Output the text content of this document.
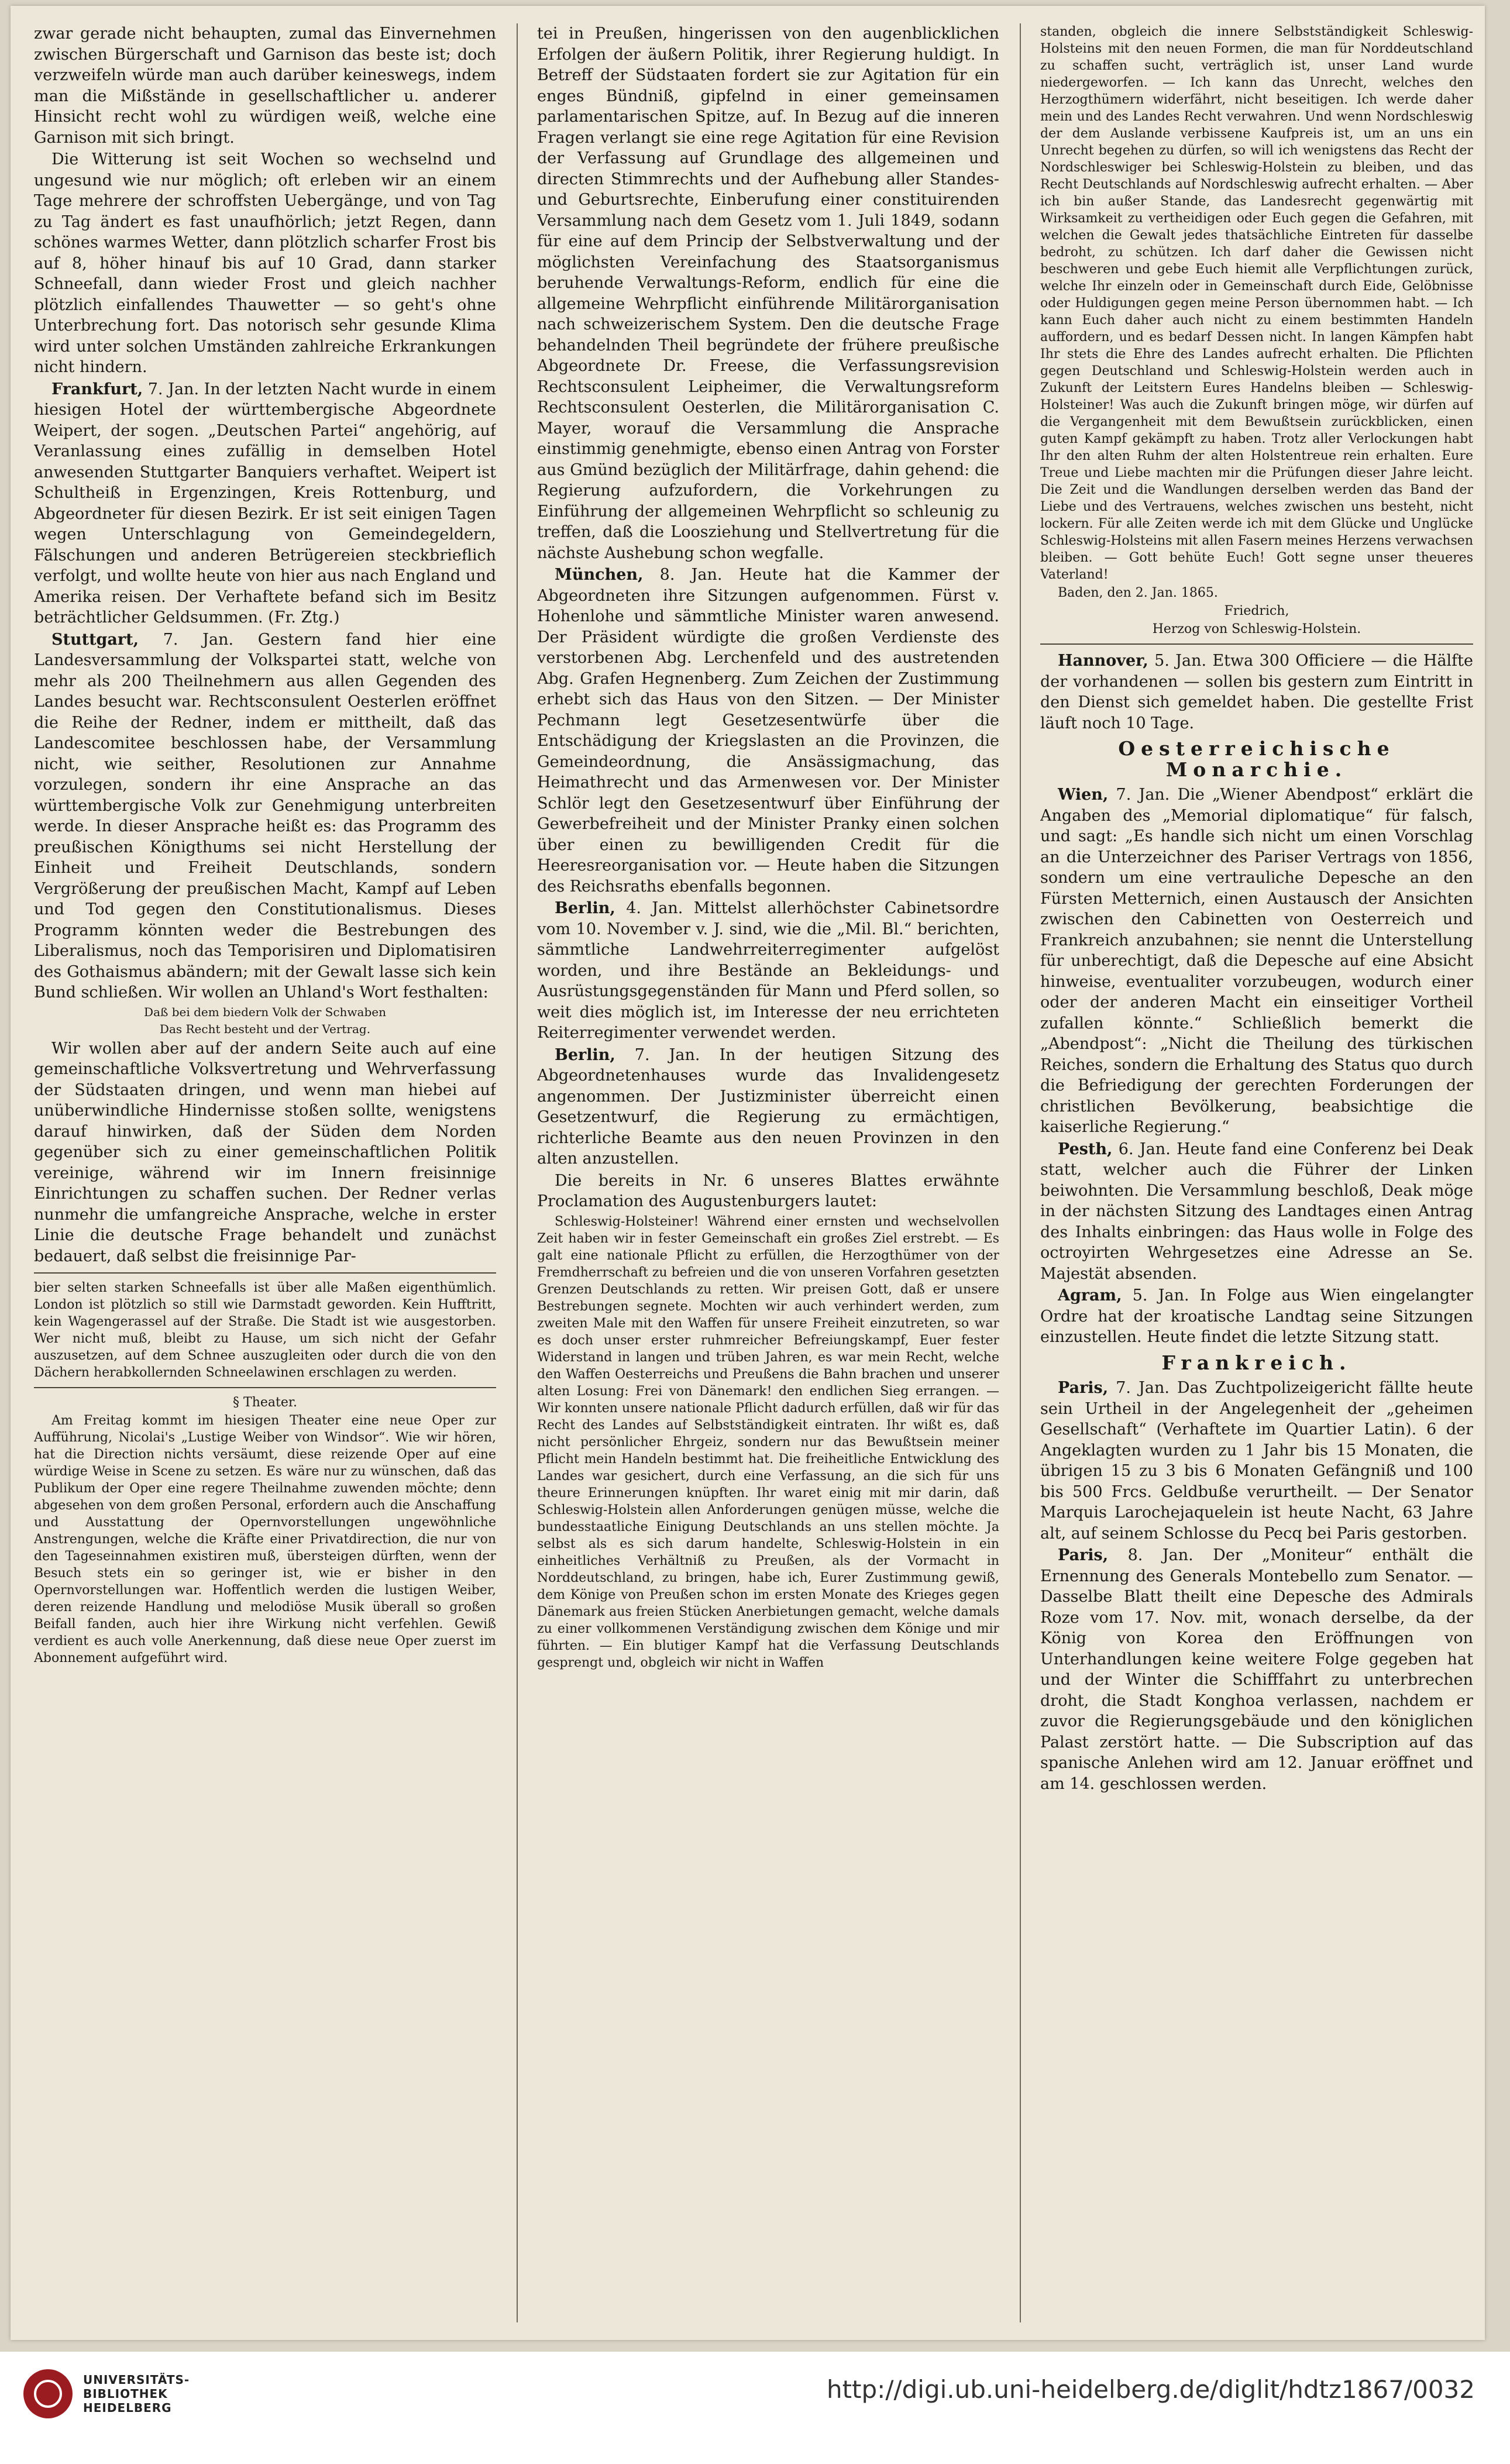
zwar gerade nicht behaupten, zumal das Einvernehmen zwischen Bürgerschaft und Garnison das beste ist; doch verzweifeln würde man auch darüber keineswegs, indem man die Mißstände in gesellschaftlicher u. anderer Hinsicht recht wohl zu würdigen weiß, welche eine Garnison mit sich bringt.

Die Witterung ist seit Wochen so wechselnd und ungesund wie nur möglich; oft erleben wir an einem Tage mehrere der schroffsten Uebergänge, und von Tag zu Tag ändert es fast unaufhörlich; jetzt Regen, dann schönes warmes Wetter, dann plötzlich scharfer Frost bis auf 8, höher hinauf bis auf 10 Grad, dann starker Schneefall, dann wieder Frost und gleich nachher plötzlich einfallendes Thauwetter — so geht's ohne Unterbrechung fort. Das notorisch sehr gesunde Klima wird unter solchen Umständen zahlreiche Erkrankungen nicht hindern.

Frankfurt, 7. Jan. In der letzten Nacht wurde in einem hiesigen Hotel der württembergische Abgeordnete Weipert, der sogen. „Deutschen Partei“ angehörig, auf Veranlassung eines zufällig in demselben Hotel anwesenden Stuttgarter Banquiers verhaftet. Weipert ist Schultheiß in Ergenzingen, Kreis Rottenburg, und Abgeordneter für diesen Bezirk. Er ist seit einigen Tagen wegen Unterschlagung von Gemeindegeldern, Fälschungen und anderen Betrügereien steckbrieflich verfolgt, und wollte heute von hier aus nach England und Amerika reisen. Der Verhaftete befand sich im Besitz beträchtlicher Geldsummen. (Fr. Ztg.)

Stuttgart, 7. Jan. Gestern fand hier eine Landesversammlung der Volkspartei statt, welche von mehr als 200 Theilnehmern aus allen Gegenden des Landes besucht war. Rechtsconsulent Oesterlen eröffnet die Reihe der Redner, indem er mittheilt, daß das Landescomitee beschlossen habe, der Versammlung nicht, wie seither, Resolutionen zur Annahme vorzulegen, sondern ihr eine Ansprache an das württembergische Volk zur Genehmigung unterbreiten werde. In dieser Ansprache heißt es: das Programm des preußischen Königthums sei nicht Herstellung der Einheit und Freiheit Deutschlands, sondern Vergrößerung der preußischen Macht, Kampf auf Leben und Tod gegen den Constitutionalismus. Dieses Programm könnten weder die Bestrebungen des Liberalismus, noch das Temporisiren und Diplomatisiren des Gothaismus abändern; mit der Gewalt lasse sich kein Bund schließen. Wir wollen an Uhland's Wort festhalten:

Daß bei dem biedern Volk der Schwaben

Das Recht besteht und der Vertrag.

Wir wollen aber auf der andern Seite auch auf eine gemeinschaftliche Volksvertretung und Wehrverfassung der Südstaaten dringen, und wenn man hiebei auf unüberwindliche Hindernisse stoßen sollte, wenigstens darauf hinwirken, daß der Süden dem Norden gegenüber sich zu einer gemeinschaftlichen Politik vereinige, während wir im Innern freisinnige Einrichtungen zu schaffen suchen. Der Redner verlas nunmehr die umfangreiche Ansprache, welche in erster Linie die deutsche Frage behandelt und zunächst bedauert, daß selbst die freisinnige Par-

bier selten starken Schneefalls ist über alle Maßen eigenthümlich. London ist plötzlich so still wie Darmstadt geworden. Kein Hufftritt, kein Wagengerassel auf der Straße. Die Stadt ist wie ausgestorben. Wer nicht muß, bleibt zu Hause, um sich nicht der Gefahr auszusetzen, auf dem Schnee auszugleiten oder durch die von den Dächern herabkollernden Schneelawinen erschlagen zu werden.

§ Theater.

Am Freitag kommt im hiesigen Theater eine neue Oper zur Aufführung, Nicolai's „Lustige Weiber von Windsor“. Wie wir hören, hat die Direction nichts versäumt, diese reizende Oper auf eine würdige Weise in Scene zu setzen. Es wäre nur zu wünschen, daß das Publikum der Oper eine regere Theilnahme zuwenden möchte; denn abgesehen von dem großen Personal, erfordern auch die Anschaffung und Ausstattung der Opernvorstellungen ungewöhnliche Anstrengungen, welche die Kräfte einer Privatdirection, die nur von den Tageseinnahmen existiren muß, übersteigen dürften, wenn der Besuch stets ein so geringer ist, wie er bisher in den Opernvorstellungen war. Hoffentlich werden die lustigen Weiber, deren reizende Handlung und melodiöse Musik überall so großen Beifall fanden, auch hier ihre Wirkung nicht verfehlen. Gewiß verdient es auch volle Anerkennung, daß diese neue Oper zuerst im Abonnement aufgeführt wird.

tei in Preußen, hingerissen von den augenblicklichen Erfolgen der äußern Politik, ihrer Regierung huldigt. In Betreff der Südstaaten fordert sie zur Agitation für ein enges Bündniß, gipfelnd in einer gemeinsamen parlamentarischen Spitze, auf. In Bezug auf die inneren Fragen verlangt sie eine rege Agitation für eine Revision der Verfassung auf Grundlage des allgemeinen und directen Stimmrechts und der Aufhebung aller Standes- und Geburtsrechte, Einberufung einer constituirenden Versammlung nach dem Gesetz vom 1. Juli 1849, sodann für eine auf dem Princip der Selbstverwaltung und der möglichsten Vereinfachung des Staatsorganismus beruhende Verwaltungs-Reform, endlich für eine die allgemeine Wehrpflicht einführende Militärorganisation nach schweizerischem System. Den die deutsche Frage behandelnden Theil begründete der frühere preußische Abgeordnete Dr. Freese, die Verfassungsrevision Rechtsconsulent Leipheimer, die Verwaltungsreform Rechtsconsulent Oesterlen, die Militärorganisation C. Mayer, worauf die Versammlung die Ansprache einstimmig genehmigte, ebenso einen Antrag von Forster aus Gmünd bezüglich der Militärfrage, dahin gehend: die Regierung aufzufordern, die Vorkehrungen zu Einführung der allgemeinen Wehrpflicht so schleunig zu treffen, daß die Loosziehung und Stellvertretung für die nächste Aushebung schon wegfalle.

München, 8. Jan. Heute hat die Kammer der Abgeordneten ihre Sitzungen aufgenommen. Fürst v. Hohenlohe und sämmtliche Minister waren anwesend. Der Präsident würdigte die großen Verdienste des verstorbenen Abg. Lerchenfeld und des austretenden Abg. Grafen Hegnenberg. Zum Zeichen der Zustimmung erhebt sich das Haus von den Sitzen. — Der Minister Pechmann legt Gesetzesentwürfe über die Entschädigung der Kriegslasten an die Provinzen, die Gemeindeordnung, die Ansässigmachung, das Heimathrecht und das Armenwesen vor. Der Minister Schlör legt den Gesetzesentwurf über Einführung der Gewerbefreiheit und der Minister Pranky einen solchen über einen zu bewilligenden Credit für die Heeresreorganisation vor. — Heute haben die Sitzungen des Reichsraths ebenfalls begonnen.

Berlin, 4. Jan. Mittelst allerhöchster Cabinetsordre vom 10. November v. J. sind, wie die „Mil. Bl.“ berichten, sämmtliche Landwehrreiterregimenter aufgelöst worden, und ihre Bestände an Bekleidungs- und Ausrüstungsgegenständen für Mann und Pferd sollen, so weit dies möglich ist, im Interesse der neu errichteten Reiterregimenter verwendet werden.

Berlin, 7. Jan. In der heutigen Sitzung des Abgeordnetenhauses wurde das Invalidengesetz angenommen. Der Justizminister überreicht einen Gesetzentwurf, die Regierung zu ermächtigen, richterliche Beamte aus den neuen Provinzen in den alten anzustellen.

Die bereits in Nr. 6 unseres Blattes erwähnte Proclamation des Augustenburgers lautet:

Schleswig-Holsteiner! Während einer ernsten und wechselvollen Zeit haben wir in fester Gemeinschaft ein großes Ziel erstrebt. — Es galt eine nationale Pflicht zu erfüllen, die Herzogthümer von der Fremdherrschaft zu befreien und die von unseren Vorfahren gesetzten Grenzen Deutschlands zu retten. Wir preisen Gott, daß er unsere Bestrebungen segnete. Mochten wir auch verhindert werden, zum zweiten Male mit den Waffen für unsere Freiheit einzutreten, so war es doch unser erster ruhmreicher Befreiungskampf, Euer fester Widerstand in langen und trüben Jahren, es war mein Recht, welche den Waffen Oesterreichs und Preußens die Bahn brachen und unserer alten Losung: Frei von Dänemark! den endlichen Sieg errangen. — Wir konnten unsere nationale Pflicht dadurch erfüllen, daß wir für das Recht des Landes auf Selbstständigkeit eintraten. Ihr wißt es, daß nicht persönlicher Ehrgeiz, sondern nur das Bewußtsein meiner Pflicht mein Handeln bestimmt hat. Die freiheitliche Entwicklung des Landes war gesichert, durch eine Verfassung, an die sich für uns theure Erinnerungen knüpften. Ihr waret einig mit mir darin, daß Schleswig-Holstein allen Anforderungen genügen müsse, welche die bundesstaatliche Einigung Deutschlands an uns stellen möchte. Ja selbst als es sich darum handelte, Schleswig-Holstein in ein einheitliches Verhältniß zu Preußen, als der Vormacht in Norddeutschland, zu bringen, habe ich, Eurer Zustimmung gewiß, dem Könige von Preußen schon im ersten Monate des Krieges gegen Dänemark aus freien Stücken Anerbietungen gemacht, welche damals zu einer vollkommenen Verständigung zwischen dem Könige und mir führten. — Ein blutiger Kampf hat die Verfassung Deutschlands gesprengt und, obgleich wir nicht in Waffen

standen, obgleich die innere Selbstständigkeit Schleswig-Holsteins mit den neuen Formen, die man für Norddeutschland zu schaffen sucht, verträglich ist, unser Land wurde niedergeworfen. — Ich kann das Unrecht, welches den Herzogthümern widerfährt, nicht beseitigen. Ich werde daher mein und des Landes Recht verwahren. Und wenn Nordschleswig der dem Auslande verbissene Kaufpreis ist, um an uns ein Unrecht begehen zu dürfen, so will ich wenigstens das Recht der Nordschleswiger bei Schleswig-Holstein zu bleiben, und das Recht Deutschlands auf Nordschleswig aufrecht erhalten. — Aber ich bin außer Stande, das Landesrecht gegenwärtig mit Wirksamkeit zu vertheidigen oder Euch gegen die Gefahren, mit welchen die Gewalt jedes thatsächliche Eintreten für dasselbe bedroht, zu schützen. Ich darf daher die Gewissen nicht beschweren und gebe Euch hiemit alle Verpflichtungen zurück, welche Ihr einzeln oder in Gemeinschaft durch Eide, Gelöbnisse oder Huldigungen gegen meine Person übernommen habt. — Ich kann Euch daher auch nicht zu einem bestimmten Handeln auffordern, und es bedarf Dessen nicht. In langen Kämpfen habt Ihr stets die Ehre des Landes aufrecht erhalten. Die Pflichten gegen Deutschland und Schleswig-Holstein werden auch in Zukunft der Leitstern Eures Handelns bleiben — Schleswig-Holsteiner! Was auch die Zukunft bringen möge, wir dürfen auf die Vergangenheit mit dem Bewußtsein zurückblicken, einen guten Kampf gekämpft zu haben. Trotz aller Verlockungen habt Ihr den alten Ruhm der alten Holstentreue rein erhalten. Eure Treue und Liebe machten mir die Prüfungen dieser Jahre leicht. Die Zeit und die Wandlungen derselben werden das Band der Liebe und des Vertrauens, welches zwischen uns besteht, nicht lockern. Für alle Zeiten werde ich mit dem Glücke und Unglücke Schleswig-Holsteins mit allen Fasern meines Herzens verwachsen bleiben. — Gott behüte Euch! Gott segne unser theueres Vaterland!

Baden, den 2. Jan. 1865.

Friedrich,

Herzog von Schleswig-Holstein.

Hannover, 5. Jan. Etwa 300 Officiere — die Hälfte der vorhandenen — sollen bis gestern zum Eintritt in den Dienst sich gemeldet haben. Die gestellte Frist läuft noch 10 Tage.

Oesterreichische Monarchie.

Wien, 7. Jan. Die „Wiener Abendpost“ erklärt die Angaben des „Memorial diplomatique“ für falsch, und sagt: „Es handle sich nicht um einen Vorschlag an die Unterzeichner des Pariser Vertrags von 1856, sondern um eine vertrauliche Depesche an den Fürsten Metternich, einen Austausch der Ansichten zwischen den Cabinetten von Oesterreich und Frankreich anzubahnen; sie nennt die Unterstellung für unberechtigt, daß die Depesche auf eine Absicht hinweise, eventualiter vorzubeugen, wodurch einer oder der anderen Macht ein einseitiger Vortheil zufallen könnte.“ Schließlich bemerkt die „Abendpost“: „Nicht die Theilung des türkischen Reiches, sondern die Erhaltung des Status quo durch die Befriedigung der gerechten Forderungen der christlichen Bevölkerung, beabsichtige die kaiserliche Regierung.“

Pesth, 6. Jan. Heute fand eine Conferenz bei Deak statt, welcher auch die Führer der Linken beiwohnten. Die Versammlung beschloß, Deak möge in der nächsten Sitzung des Landtages einen Antrag des Inhalts einbringen: das Haus wolle in Folge des octroyirten Wehrgesetzes eine Adresse an Se. Majestät absenden.

Agram, 5. Jan. In Folge aus Wien eingelangter Ordre hat der kroatische Landtag seine Sitzungen einzustellen. Heute findet die letzte Sitzung statt.

Frankreich.

Paris, 7. Jan. Das Zuchtpolizeigericht fällte heute sein Urtheil in der Angelegenheit der „geheimen Gesellschaft“ (Verhaftete im Quartier Latin). 6 der Angeklagten wurden zu 1 Jahr bis 15 Monaten, die übrigen 15 zu 3 bis 6 Monaten Gefängniß und 100 bis 500 Frcs. Geldbuße verurtheilt. — Der Senator Marquis Larochejaquelein ist heute Nacht, 63 Jahre alt, auf seinem Schlosse du Pecq bei Paris gestorben.

Paris, 8. Jan. Der „Moniteur“ enthält die Ernennung des Generals Montebello zum Senator. — Dasselbe Blatt theilt eine Depesche des Admirals Roze vom 17. Nov. mit, wonach derselbe, da der König von Korea den Eröffnungen von Unterhandlungen keine weitere Folge gegeben hat und der Winter die Schifffahrt zu unterbrechen droht, die Stadt Konghoa verlassen, nachdem er zuvor die Regierungsgebäude und den königlichen Palast zerstört hatte. — Die Subscription auf das spanische Anlehen wird am 12. Januar eröffnet und am 14. geschlossen werden.

UNIVERSITÄTS-
BIBLIOTHEK
HEIDELBERG
http://digi.ub.uni-heidelberg.de/diglit/hdtz1867/0032
